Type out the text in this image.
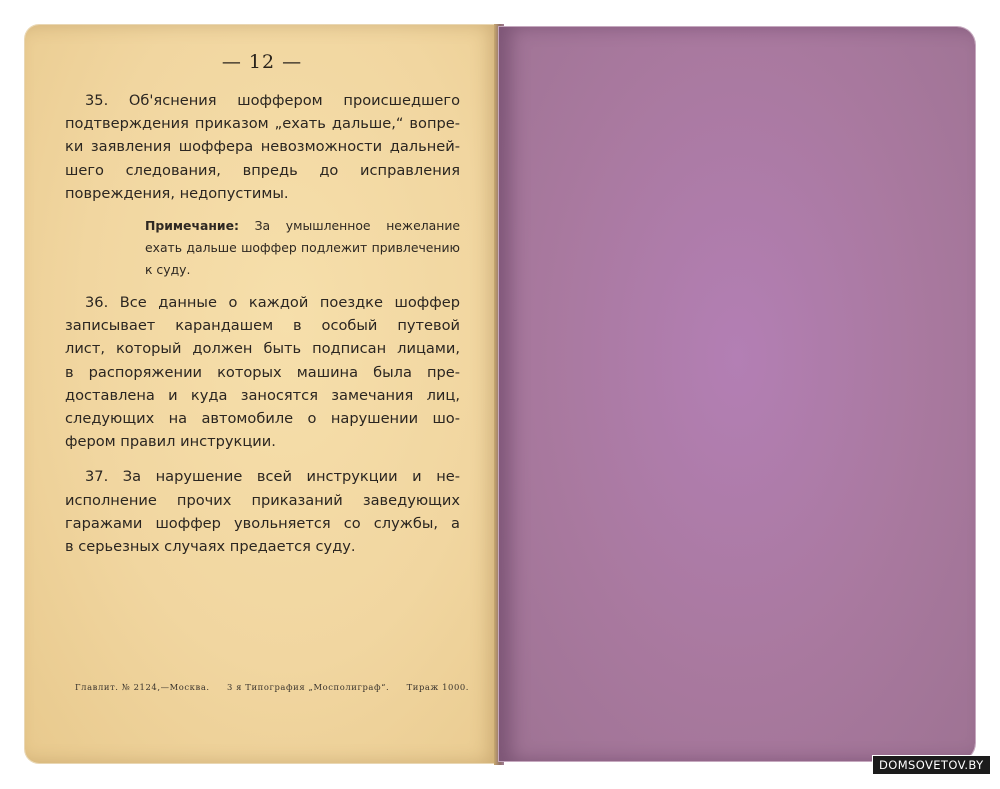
— 12 —
35. Об'яснения шоффером происшедшего
подтверждения приказом „ехать дальше,“ вопре-
ки заявления шоффера невозможности дальней-
шего следования, впредь до исправления
повреждения, недопустимы.
Примечание: За умышленное нежелание
ехать дальше шоффер подлежит привлечению
к суду.
36. Все данные о каждой поездке шоффер
записывает карандашем в особый путевой
лист, который должен быть подписан лицами,
в распоряжении которых машина была пре-
доставлена и куда заносятся замечания лиц,
следующих на автомобиле о нарушении шо-
фером правил инструкции.
37. За нарушение всей инструкции и не-
исполнение прочих приказаний заведующих
гаражами шоффер увольняется со службы, а
в серьезных случаях предается суду.
Главлит. № 2124,—Москва. 3 я Типография „Мосполиграф“. Тираж 1000.
DOMSOVETOV.BY
